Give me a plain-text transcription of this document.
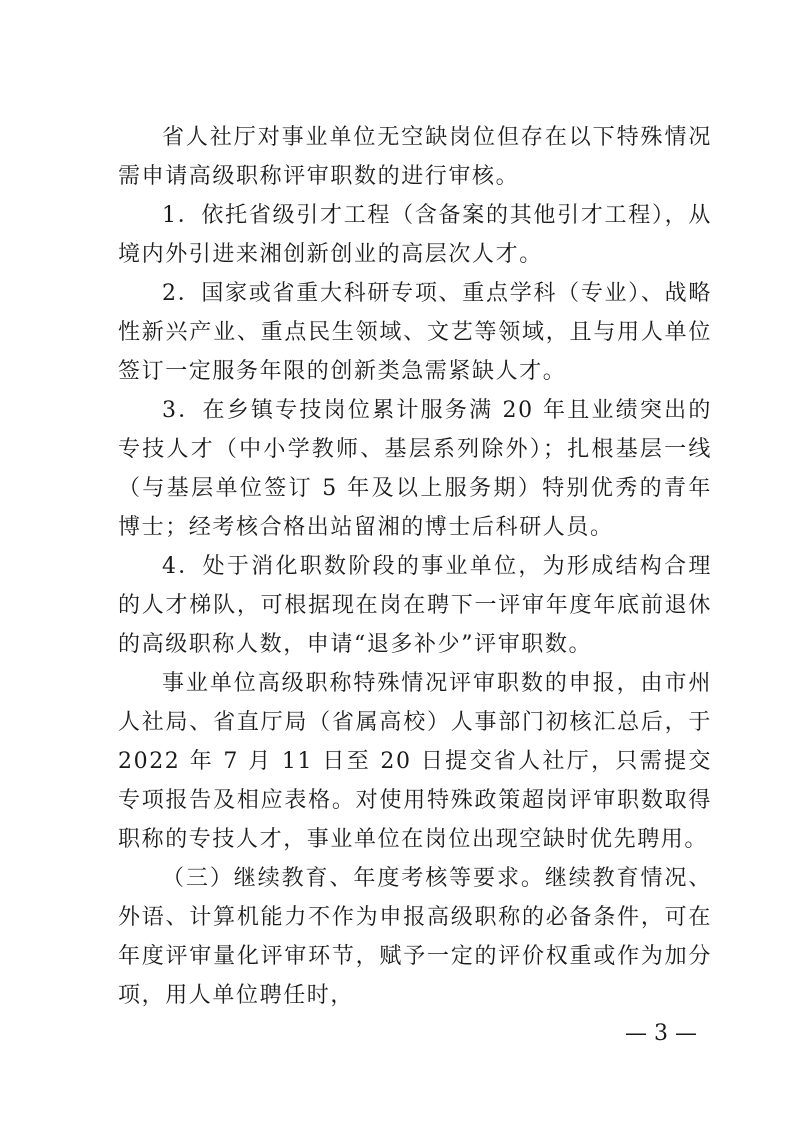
省人社厅对事业单位无空缺岗位但存在以下特殊情况需申请高级职称评审职数的进行审核。

1．依托省级引才工程（含备案的其他引才工程），从境内外引进来湘创新创业的高层次人才。

2．国家或省重大科研专项、重点学科（专业）、战略性新兴产业、重点民生领域、文艺等领域，且与用人单位签订一定服务年限的创新类急需紧缺人才。

3．在乡镇专技岗位累计服务满 20 年且业绩突出的专技人才（中小学教师、基层系列除外）；扎根基层一线（与基层单位签订 5 年及以上服务期）特别优秀的青年博士；经考核合格出站留湘的博士后科研人员。

4．处于消化职数阶段的事业单位，为形成结构合理的人才梯队，可根据现在岗在聘下一评审年度年底前退休的高级职称人数，申请“退多补少”评审职数。

事业单位高级职称特殊情况评审职数的申报，由市州人社局、省直厅局（省属高校）人事部门初核汇总后，于 2022 年 7 月 11 日至 20 日提交省人社厅，只需提交专项报告及相应表格。对使用特殊政策超岗评审职数取得职称的专技人才，事业单位在岗位出现空缺时优先聘用。

（三）继续教育、年度考核等要求。继续教育情况、外语、计算机能力不作为申报高级职称的必备条件，可在年度评审量化评审环节，赋予一定的评价权重或作为加分项，用人单位聘任时，

— 3 —
